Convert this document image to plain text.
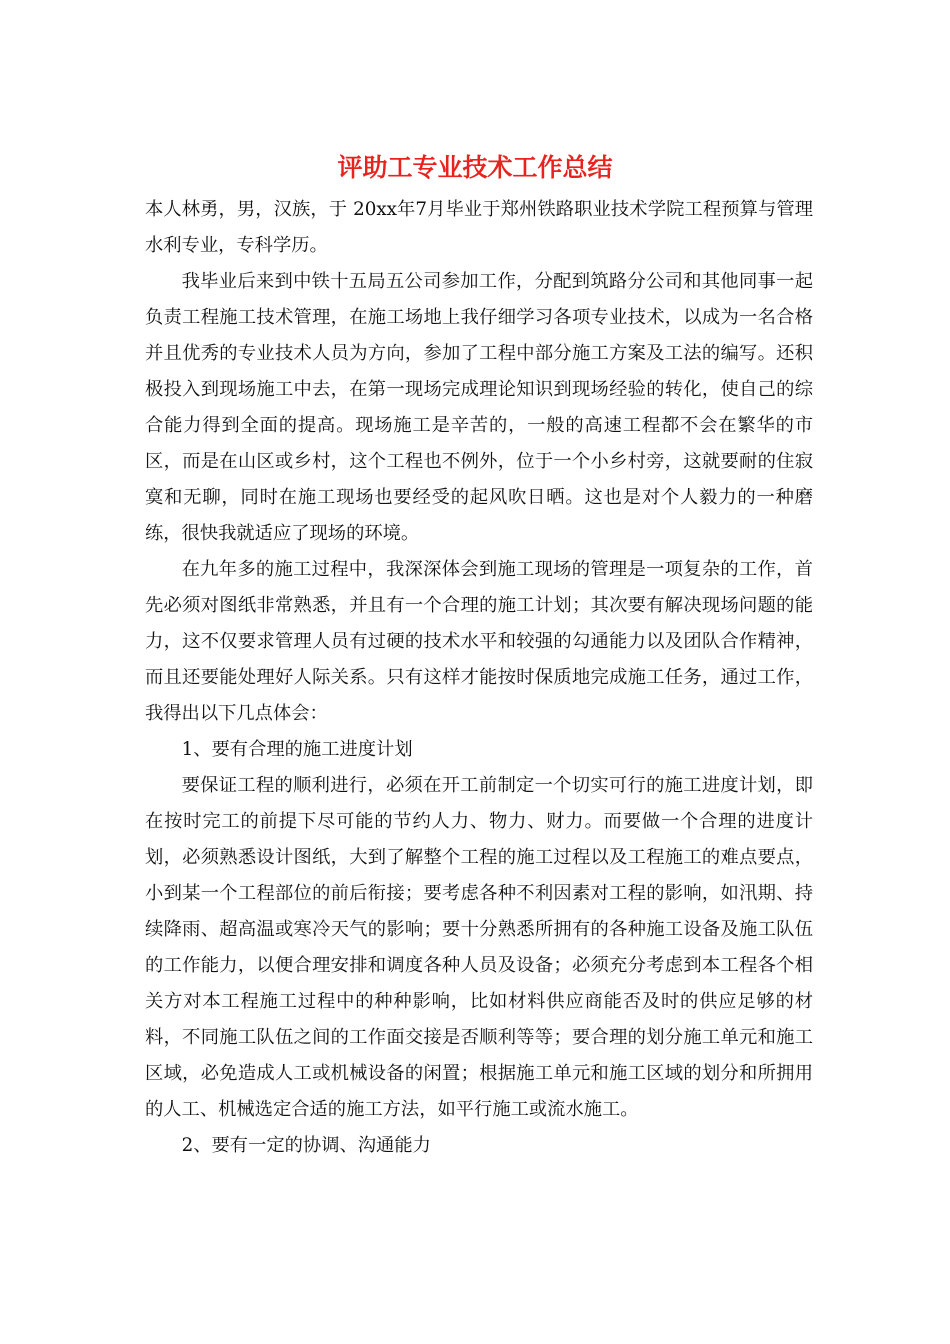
评助工专业技术工作总结

本人林勇，男，汉族，于 20xx年7月毕业于郑州铁路职业技术学院工程预算与管理水利专业，专科学历。

我毕业后来到中铁十五局五公司参加工作，分配到筑路分公司和其他同事一起负责工程施工技术管理，在施工场地上我仔细学习各项专业技术，以成为一名合格并且优秀的专业技术人员为方向，参加了工程中部分施工方案及工法的编写。还积极投入到现场施工中去，在第一现场完成理论知识到现场经验的转化，使自己的综合能力得到全面的提高。现场施工是辛苦的，一般的高速工程都不会在繁华的市区，而是在山区或乡村，这个工程也不例外，位于一个小乡村旁，这就要耐的住寂寞和无聊，同时在施工现场也要经受的起风吹日晒。这也是对个人毅力的一种磨练，很快我就适应了现场的环境。

在九年多的施工过程中，我深深体会到施工现场的管理是一项复杂的工作，首先必须对图纸非常熟悉，并且有一个合理的施工计划；其次要有解决现场问题的能力，这不仅要求管理人员有过硬的技术水平和较强的勾通能力以及团队合作精神，而且还要能处理好人际关系。只有这样才能按时保质地完成施工任务，通过工作，我得出以下几点体会：

1、要有合理的施工进度计划

要保证工程的顺利进行，必须在开工前制定一个切实可行的施工进度计划，即在按时完工的前提下尽可能的节约人力、物力、财力。而要做一个合理的进度计划，必须熟悉设计图纸，大到了解整个工程的施工过程以及工程施工的难点要点，小到某一个工程部位的前后衔接；要考虑各种不利因素对工程的影响，如汛期、持续降雨、超高温或寒冷天气的影响；要十分熟悉所拥有的各种施工设备及施工队伍的工作能力，以便合理安排和调度各种人员及设备；必须充分考虑到本工程各个相关方对本工程施工过程中的种种影响，比如材料供应商能否及时的供应足够的材料，不同施工队伍之间的工作面交接是否顺利等等；要合理的划分施工单元和施工区域，必免造成人工或机械设备的闲置；根据施工单元和施工区域的划分和所拥用的人工、机械选定合适的施工方法，如平行施工或流水施工。

2、要有一定的协调、沟通能力
